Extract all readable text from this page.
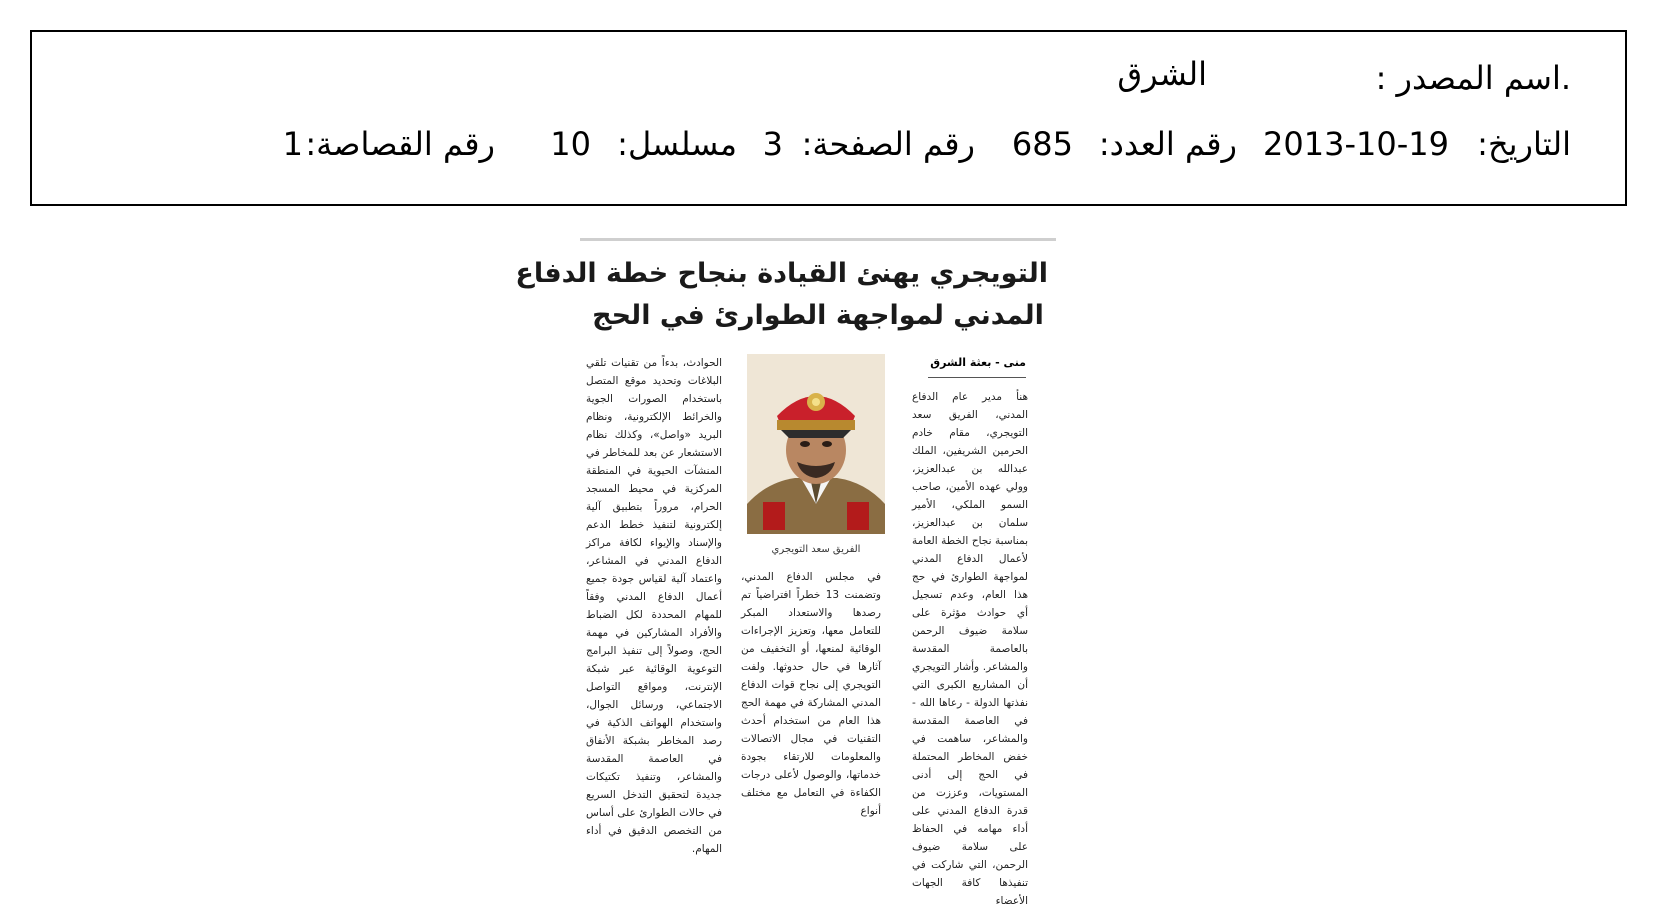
.اسم المصدر :
الشرق
التاريخ:
2013-10-19
رقم العدد:
685
رقم الصفحة:
3
مسلسل:
10
رقم القصاصة:
1
التويجري يهنئ القيادة بنجاح خطة الدفاع
المدني لمواجهة الطوارئ في الحج
منى - بعثة الشرق
هنأ مدير عام الدفاع المدني، الفريق سعد التويجري، مقام خادم الحرمين الشريفين، الملك عبدالله بن عبدالعزيز، وولي عهده الأمين، صاحب السمو الملكي، الأمير سلمان بن عبدالعزيز، بمناسبة نجاح الخطة العامة لأعمال الدفاع المدني لمواجهة الطوارئ في حج هذا العام، وعدم تسجيل أي حوادث مؤثرة على سلامة ضيوف الرحمن بالعاصمة المقدسة والمشاعر. وأشار التويجري أن المشاريع الكبرى التي نفذتها الدولة - رعاها الله - في العاصمة المقدسة والمشاعر، ساهمت في خفض المخاطر المحتملة في الحج إلى أدنى المستويات، وعززت من قدرة الدفاع المدني على أداء مهامه في الحفاظ على سلامة ضيوف الرحمن، التي شاركت في تنفيذها كافة الجهات الأعضاء
الفريق سعد التويجري
في مجلس الدفاع المدني، وتضمنت 13 خطراً افتراضياً تم رصدها والاستعداد المبكر للتعامل معها، وتعزيز الإجراءات الوقائية لمنعها، أو التخفيف من آثارها في حال حدوثها. ولفت التويجري إلى نجاح قوات الدفاع المدني المشاركة في مهمة الحج هذا العام من استخدام أحدث التقنيات في مجال الاتصالات والمعلومات للارتقاء بجودة خدماتها، والوصول لأعلى درجات الكفاءة في التعامل مع مختلف أنواع
الحوادث، بدءاً من تقنيات تلقي البلاغات وتحديد موقع المتصل باستخدام الصورات الجوية والخرائط الإلكترونية، ونظام البريد «واصل»، وكذلك نظام الاستشعار عن بعد للمخاطر في المنشآت الحيوية في المنطقة المركزية في محيط المسجد الحرام، مروراً بتطبيق آلية إلكترونية لتنفيذ خطط الدعم والإسناد والإيواء لكافة مراكز الدفاع المدني في المشاعر، واعتماد آلية لقياس جودة جميع أعمال الدفاع المدني وفقاً للمهام المحددة لكل الضباط والأفراد المشاركين في مهمة الحج، وصولاً إلى تنفيذ البرامج التوعوية الوقائية عبر شبكة الإنترنت، ومواقع التواصل الاجتماعي، ورسائل الجوال، واستخدام الهواتف الذكية في رصد المخاطر بشبكة الأنفاق في العاصمة المقدسة والمشاعر، وتنفيذ تكتيكات جديدة لتحقيق التدخل السريع في حالات الطوارئ على أساس من التخصص الدقيق في أداء المهام.
